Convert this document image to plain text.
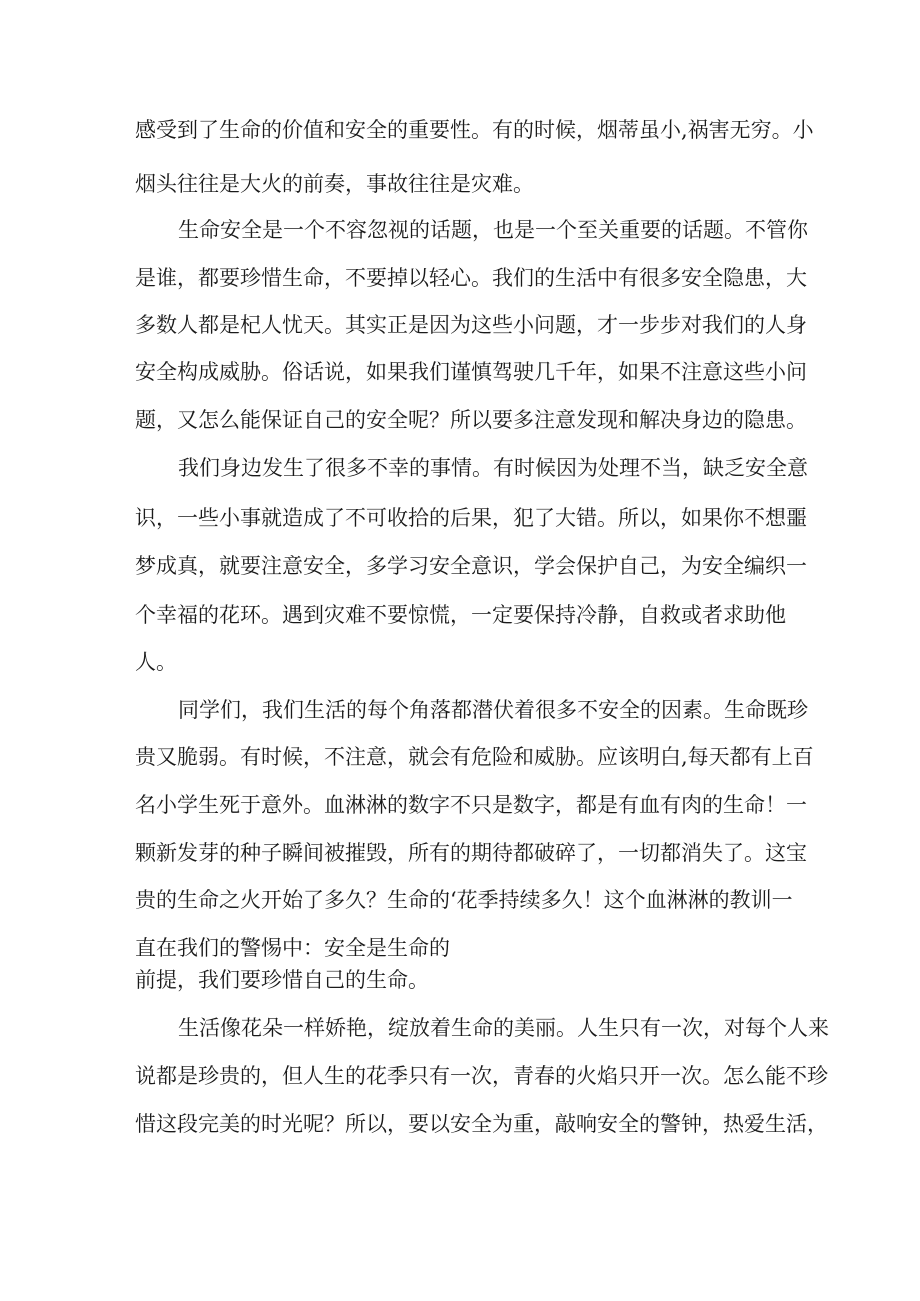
感受到了生命的价值和安全的重要性。有的时候，烟蒂虽小,祸害无穷。小
烟头往往是大火的前奏，事故往往是灾难。
生命安全是一个不容忽视的话题，也是一个至关重要的话题。不管你
是谁，都要珍惜生命，不要掉以轻心。我们的生活中有很多安全隐患，大
多数人都是杞人忧天。其实正是因为这些小问题，才一步步对我们的人身
安全构成威胁。俗话说，如果我们谨慎驾驶几千年，如果不注意这些小问
题，又怎么能保证自己的安全呢？所以要多注意发现和解决身边的隐患。
我们身边发生了很多不幸的事情。有时候因为处理不当，缺乏安全意
识，一些小事就造成了不可收拾的后果，犯了大错。所以，如果你不想噩
梦成真，就要注意安全，多学习安全意识，学会保护自己，为安全编织一
个幸福的花环。遇到灾难不要惊慌，一定要保持冷静，自救或者求助他
人。
同学们，我们生活的每个角落都潜伏着很多不安全的因素。生命既珍
贵又脆弱。有时候，不注意，就会有危险和威胁。应该明白,每天都有上百
名小学生死于意外。血淋淋的数字不只是数字，都是有血有肉的生命！一
颗新发芽的种子瞬间被摧毁，所有的期待都破碎了，一切都消失了。这宝
贵的生命之火开始了多久？生命的‘花季持续多久！这个血淋淋的教训一
直在我们的警惕中：安全是生命的
前提，我们要珍惜自己的生命。
生活像花朵一样娇艳，绽放着生命的美丽。人生只有一次，对每个人来
说都是珍贵的，但人生的花季只有一次，青春的火焰只开一次。怎么能不珍
惜这段完美的时光呢？所以，要以安全为重，敲响安全的警钟，热爱生活，
